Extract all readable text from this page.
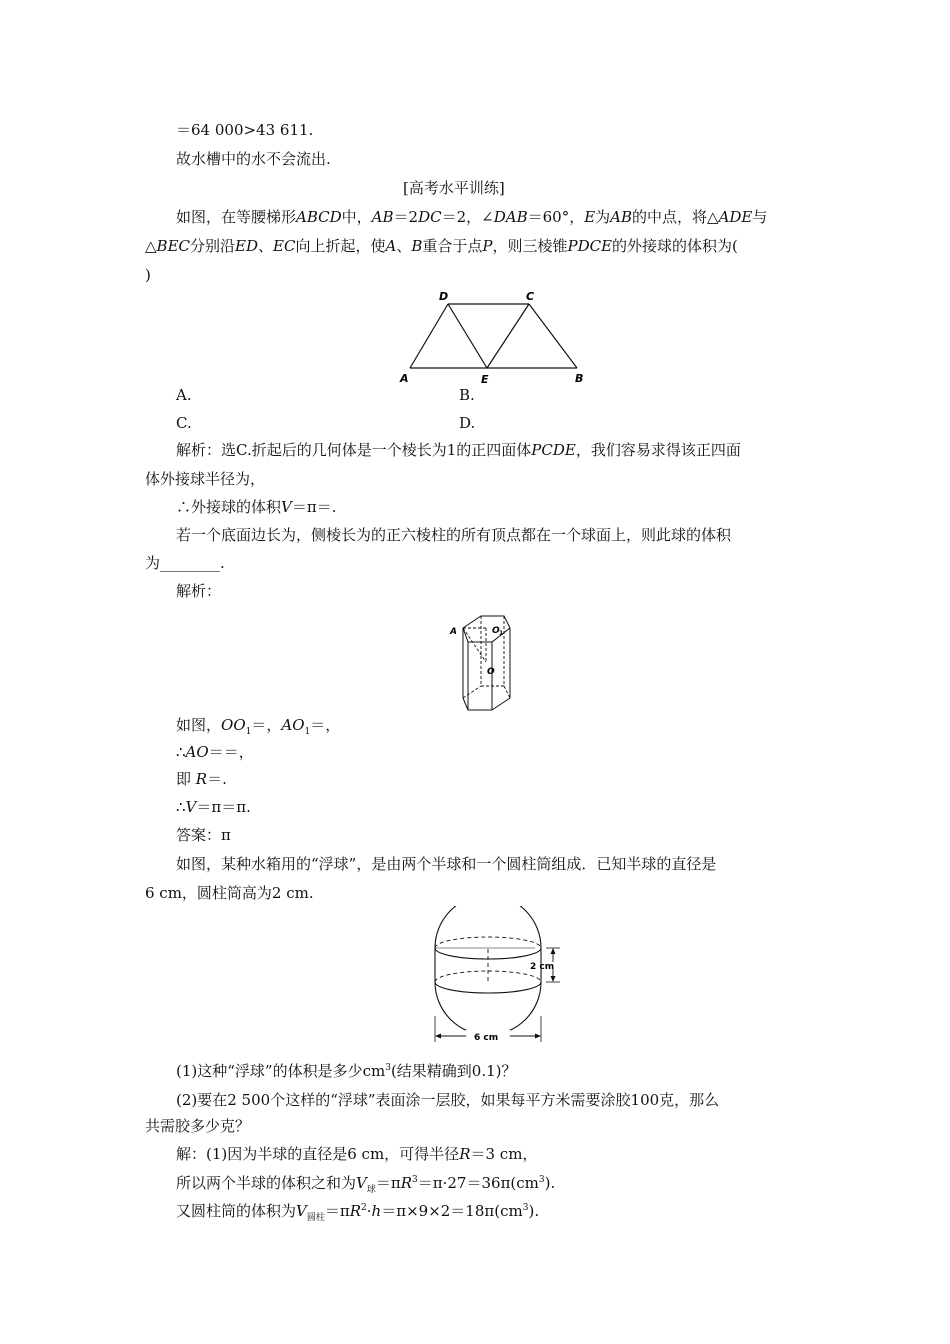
＝64 000>43 611.
故水槽中的水不会流出.
[高考水平训练]
如图，在等腰梯形ABCD中，AB＝2DC＝2，∠DAB＝60°，E为AB的中点，将△ADE与
△BEC分别沿ED、EC向上折起，使A、B重合于点P，则三棱锥PDCE的外接球的体积为(
)
A	E	B
D	C
A.	B.
C.	D.
解析：选C.折起后的几何体是一个棱长为1的正四面体PCDE，我们容易求得该正四面
体外接球半径为，
∴外接球的体积V＝π＝.
若一个底面边长为，侧棱长为的正六棱柱的所有顶点都在一个球面上，则此球的体积
为________.
解析：
A	O 1
O
如图，$OO_1=$，$AO_1=$，
∴AO＝＝，
即 R＝.
∴V＝π＝π.
答案：π
如图，某种水箱用的“浮球”，是由两个半球和一个圆柱筒组成．已知半球的直径是
6 cm，圆柱筒高为2 cm.
2 cm
6 cm
(1)这种“浮球”的体积是多少$cm^3$(结果精确到0.1)？
(2)要在2 500个这样的“浮球”表面涂一层胶，如果每平方米需要涂胶100克，那么
共需胶多少克？
解：(1)因为半球的直径是6 cm，可得半径R＝3 cm，
所以两个半球的体积之和为$V_球=\pi R^3=\pi\cdot 27=36\pi(cm^3)$.
又圆柱筒的体积为$V_{圆柱}=\pi R^2\cdot h=\pi\times 9\times 2=18\pi(cm^3)$.
